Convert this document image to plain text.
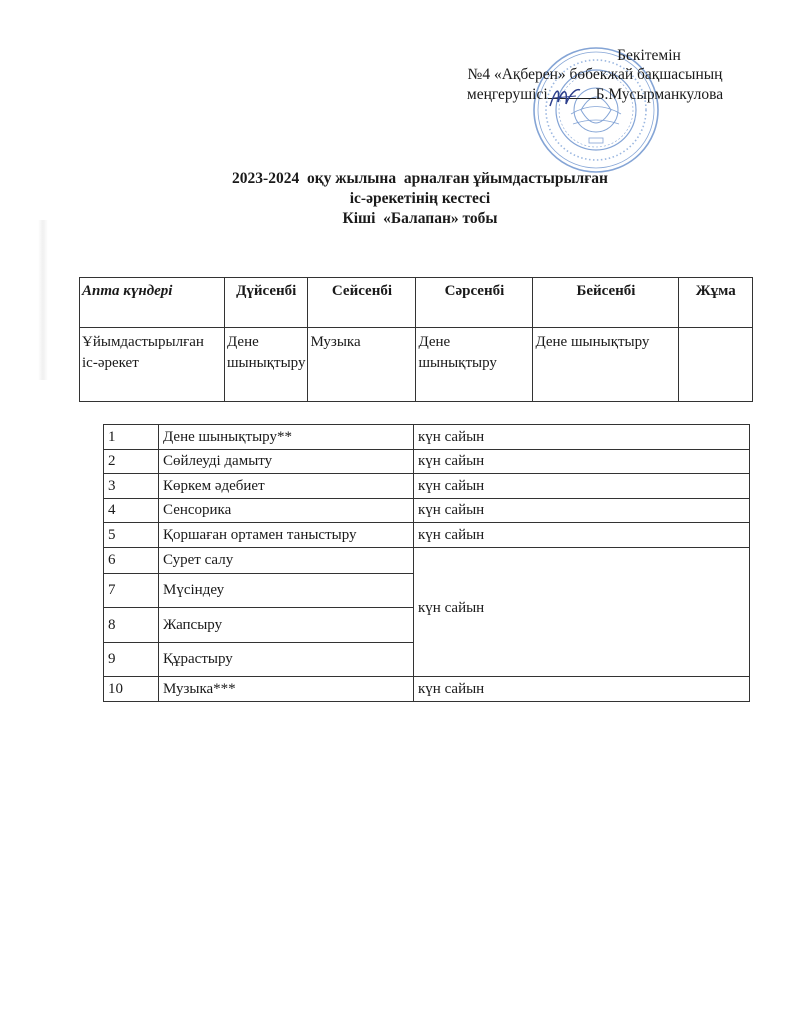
Бекітемін
№4 «Ақберен» бөбекжай бақшасының
меңгерушісі	Б.Мусырманкулова
2023-2024  оқу жылына  арналған ұйымдастырылған
іс-әрекетінің кестесі
Кіші  «Балапан» тобы
Апта күндері	Дүйсенбі	Сейсенбі	Сәрсенбі	Бейсенбі	Жұма
Ұйымдастырылған іс-әрекет	Дене шынықтыру	Музыка	Дене шынықтыру	Дене шынықтыру	
1	Дене шынықтыру**	күн сайын
2	Сөйлеуді дамыту	күн сайын
3	Көркем әдебиет	күн сайын
4	Сенсорика	күн сайын
5	Қоршаған ортамен таныстыру	күн сайын
6	Сурет салу	күн сайын
7	Мүсіндеу	
8	Жапсыру	
9	Құрастыру	
10	Музыка***	күн сайын
